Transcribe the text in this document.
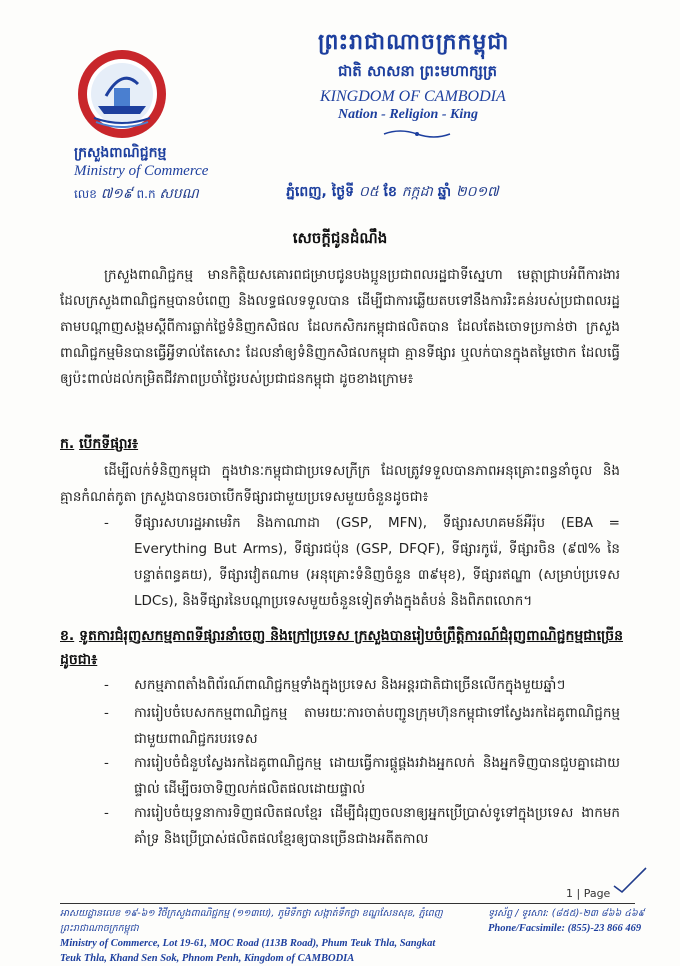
ក្រសួងពាណិជ្ជកម្ម
Ministry of Commerce
លេខ ៧១៩ ព.ក សបណ
ព្រះរាជាណាចក្រកម្ពុជា
ជាតិ សាសនា ព្រះមហាក្សត្រ
KINGDOM OF CAMBODIA
Nation - Religion - King
ភ្នំពេញ, ថ្ងៃទី ០៥ ខែ កក្កដា ឆ្នាំ ២០១៧
សេចក្តីជូនដំណឹង
ក្រសួងពាណិជ្ជកម្ម មានកិត្តិយសគោរពជម្រាបជូនបងប្អូនប្រជាពលរដ្ឋជាទីស្នេហា មេត្តាជ្រាបអំពីការងារដែលក្រសួងពាណិជ្ជកម្មបានបំពេញ និងលទ្ធផលទទួលបាន ដើម្បីជាការឆ្លើយតបទៅនឹងការរិះគន់របស់ប្រជាពលរដ្ឋ តាមបណ្តាញសង្គមស្តីពីការធ្លាក់ថ្លៃទំនិញកសិផល ដែលកសិករកម្ពុជាផលិតបាន ដែលតែងចោទប្រកាន់ថា ក្រសួងពាណិជ្ជកម្មមិនបានធ្វើអ្វីទាល់តែសោះ ដែលនាំឲ្យទំនិញកសិផលកម្ពុជា គ្មានទីផ្សារ ឬលក់បានក្នុងតម្លៃថោក ដែលធ្វើឲ្យប៉ះពាល់ដល់កម្រិតជីវភាពប្រចាំថ្ងៃរបស់ប្រជាជនកម្ពុជា ដូចខាងក្រោម៖
ក. បើកទីផ្សារ៖
ដើម្បីលក់ទំនិញកម្ពុជា ក្នុងឋានៈកម្ពុជាជាប្រទេសក្រីក្រ ដែលត្រូវទទួលបានភាពអនុគ្រោះពន្ធនាំចូល និងគ្មានកំណត់កូតា ក្រសួងបានចរចាបើកទីផ្សារជាមួយប្រទេសមួយចំនួនដូចជា៖
- ទីផ្សារសហរដ្ឋអាមេរិក និងកាណាដា (GSP, MFN), ទីផ្សារសហគមន៍អឺរ៉ុប (EBA = Everything But Arms), ទីផ្សារជប៉ុន (GSP, DFQF), ទីផ្សារកូរ៉េ, ទីផ្សារចិន (៩៧% នៃបន្ទាត់ពន្ធគយ), ទីផ្សារវៀតណាម (អនុគ្រោះទំនិញចំនួន ៣៩មុខ), ទីផ្សារឥណ្ឌា (សម្រាប់ប្រទេស LDCs), និងទីផ្សារនៃបណ្តាប្រទេសមួយចំនួនទៀតទាំងក្នុងតំបន់ និងពិភពលោក។
ខ. ទូតការជំរុញសកម្មភាពទីផ្សារនាំចេញ និងក្រៅប្រទេស ក្រសួងបានរៀបចំព្រឹត្តិការណ៍ជំរុញពាណិជ្ជកម្មជាច្រើន ដូចជា៖
- សកម្មភាពតាំងពិព័រណ៍ពាណិជ្ជកម្មទាំងក្នុងប្រទេស និងអន្តរជាតិជាច្រើនលើកក្នុងមួយឆ្នាំៗ
- ការរៀបចំបេសកកម្មពាណិជ្ជកម្ម តាមរយៈការចាត់បញ្ជូនក្រុមហ៊ុនកម្ពុជាទៅស្វែងរកដៃគូពាណិជ្ជកម្ម ជាមួយពាណិជ្ជករបរទេស
- ការរៀបចំជំនួបស្វែងរកដៃគូពាណិជ្ជកម្ម ដោយធ្វើការផ្គូផ្គងរវាងអ្នកលក់ និងអ្នកទិញបានជួបគ្នាដោយផ្ទាល់ ដើម្បីចរចាទិញលក់ផលិតផលដោយផ្ទាល់
- ការរៀបចំយុទ្ធនាការទិញផលិតផលខ្មែរ ដើម្បីជំរុញចលនាឲ្យអ្នកប្រើប្រាស់ទូទៅក្នុងប្រទេស ងាកមកគាំទ្រ និងប្រើប្រាស់ផលិតផលខ្មែរឲ្យបានច្រើនជាងអតីតកាល
1 | Page
អាសយដ្ឋានលេខ ១៩-៦១ វិថីក្រសួងពាណិជ្ជកម្ម (១១៣បេ), ភូមិទឹកថ្លា សង្កាត់ទឹកថ្លា ខណ្ឌសែនសុខ, ភ្នំពេញ ព្រះរាជាណាចក្រកម្ពុជា
Ministry of Commerce, Lot 19-61, MOC Road (113B Road), Phum Teuk Thla, Sangkat
Teuk Thla, Khand Sen Sok, Phnom Penh, Kingdom of CAMBODIA
ទូរស័ព្ទ / ទូរសារ: (៨៥៥)-២៣ ៨៦៦ ៤៦៩
Phone/Facsimile: (855)-23 866 469
